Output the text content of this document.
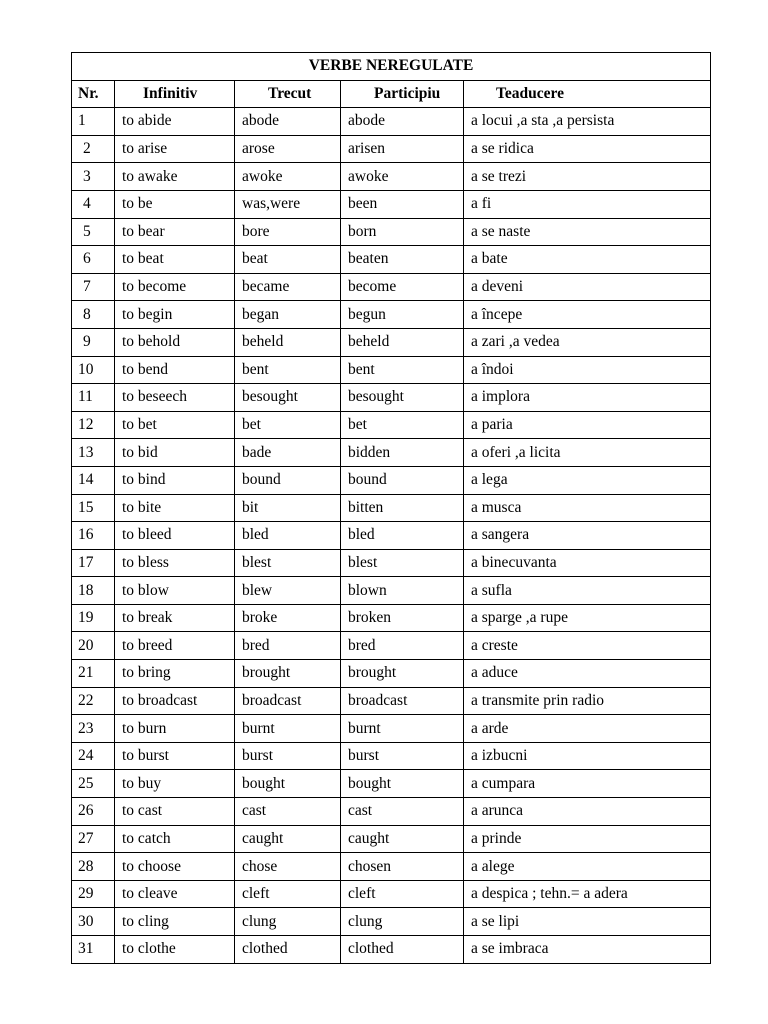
VERBE NEREGULATE				
Nr.	Infinitiv	Trecut	Participiu	Teaducere
1	to abide	abode	abode	a locui ,a sta ,a persista
2	to arise	arose	arisen	a se ridica
3	to awake	awoke	awoke	a se trezi
4	to be	was,were	been	a fi
5	to bear	bore	born	a se naste
6	to beat	beat	beaten	a bate
7	to become	became	become	a deveni
8	to begin	began	begun	a începe
9	to behold	beheld	beheld	a zari ,a vedea
10	to bend	bent	bent	a îndoi
11	to beseech	besought	besought	a implora
12	to bet	bet	bet	a paria
13	to bid	bade	bidden	a oferi ,a licita
14	to bind	bound	bound	a lega
15	to bite	bit	bitten	a musca
16	to bleed	bled	bled	a sangera
17	to bless	blest	blest	a binecuvanta
18	to blow	blew	blown	a sufla
19	to break	broke	broken	a sparge ,a rupe
20	to breed	bred	bred	a creste
21	to bring	brought	brought	a aduce
22	to broadcast	broadcast	broadcast	a transmite prin radio
23	to burn	burnt	burnt	a arde
24	to burst	burst	burst	a izbucni
25	to buy	bought	bought	a cumpara
26	to cast	cast	cast	a arunca
27	to catch	caught	caught	a prinde
28	to choose	chose	chosen	a alege
29	to cleave	cleft	cleft	a despica ; tehn.= a adera
30	to cling	clung	clung	a se lipi
31	to clothe	clothed	clothed	a se imbraca
